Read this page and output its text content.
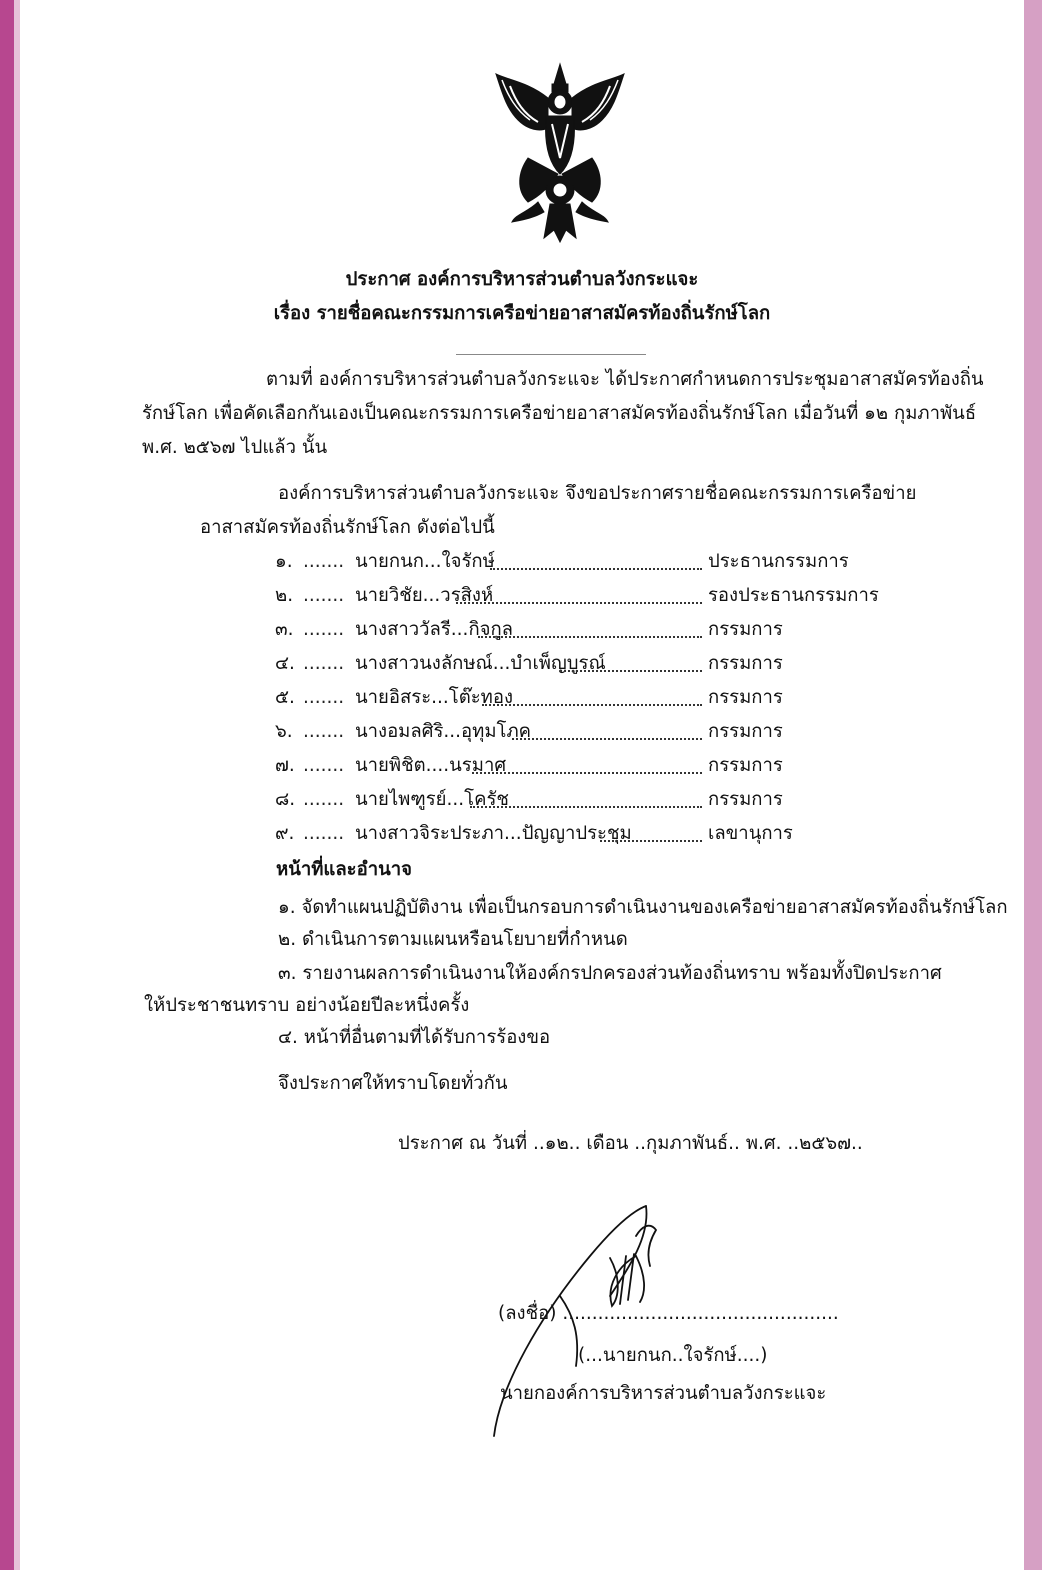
ประกาศ องค์การบริหารส่วนตำบลวังกระแจะ
เรื่อง รายชื่อคณะกรรมการเครือข่ายอาสาสมัครท้องถิ่นรักษ์โลก
ตามที่ องค์การบริหารส่วนตำบลวังกระแจะ ได้ประกาศกำหนดการประชุมอาสาสมัครท้องถิ่น
รักษ์โลก เพื่อคัดเลือกกันเองเป็นคณะกรรมการเครือข่ายอาสาสมัครท้องถิ่นรักษ์โลก เมื่อวันที่ ๑๒ กุมภาพันธ์
พ.ศ. ๒๕๖๗ ไปแล้ว นั้น
องค์การบริหารส่วนตำบลวังกระแจะ จึงขอประกาศรายชื่อคณะกรรมการเครือข่าย
อาสาสมัครท้องถิ่นรักษ์โลก ดังต่อไปนี้
๑. ....... นายกนก...ใจรักษ์	ประธานกรรมการ
๒. ....... นายวิชัย...วรสิงห์	รองประธานกรรมการ
๓. ....... นางสาววัลรี...กิจกูล	กรรมการ
๔. ....... นางสาวนงลักษณ์...บำเพ็ญบูรณ์	กรรมการ
๕. ....... นายอิสระ...โต๊ะทอง	กรรมการ
๖. ....... นางอมลศิริ...อุทุมโภค	กรรมการ
๗. ....... นายพิชิต....นรมาศ	กรรมการ
๘. ....... นายไพฑูรย์...โครัช	กรรมการ
๙. ....... นางสาวจิระประภา...ปัญญาประชุม	เลขานุการ
หน้าที่และอำนาจ
๑. จัดทำแผนปฏิบัติงาน เพื่อเป็นกรอบการดำเนินงานของเครือข่ายอาสาสมัครท้องถิ่นรักษ์โลก
๒. ดำเนินการตามแผนหรือนโยบายที่กำหนด
๓. รายงานผลการดำเนินงานให้องค์กรปกครองส่วนท้องถิ่นทราบ พร้อมทั้งปิดประกาศ
ให้ประชาชนทราบ อย่างน้อยปีละหนึ่งครั้ง
๔. หน้าที่อื่นตามที่ได้รับการร้องขอ
จึงประกาศให้ทราบโดยทั่วกัน
ประกาศ ณ วันที่ ..๑๒.. เดือน ..กุมภาพันธ์.. พ.ศ. ..๒๕๖๗..
(ลงชื่อ) ...............................................
(...นายกนก..ใจรักษ์....)
นายกองค์การบริหารส่วนตำบลวังกระแจะ
